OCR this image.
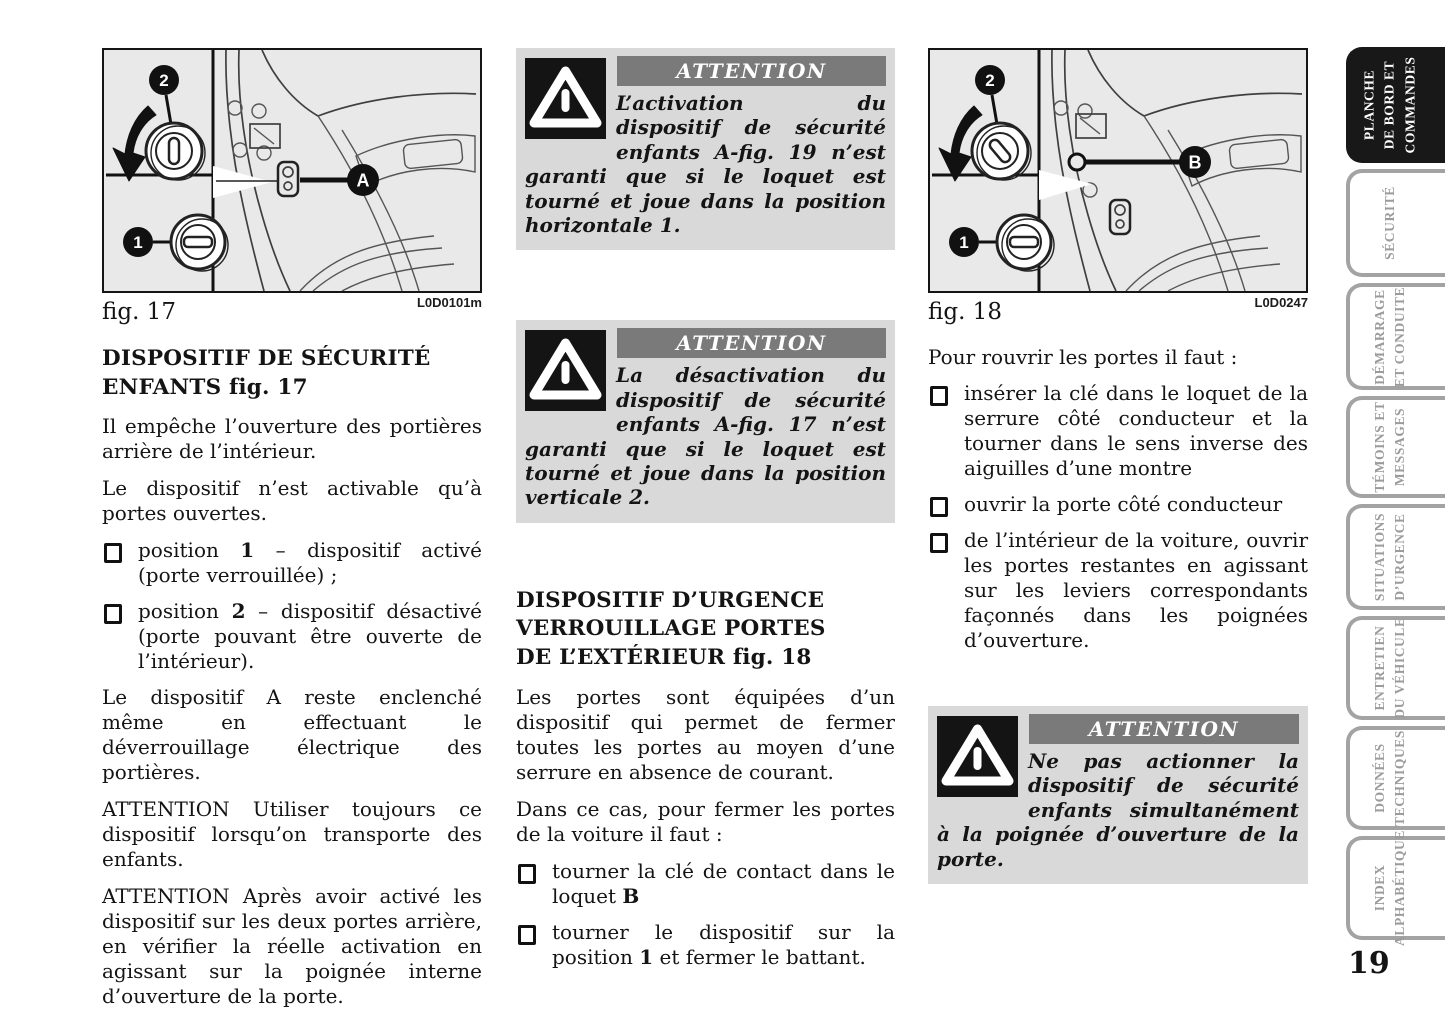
A
2
1
fig. 17	L0D0101m
DISPOSITIF DE SÉCURITÉ
ENFANTS fig. 17

Il empêche l’ouverture des portières arrière de l’intérieur.

Le dispositif n’est activable qu’à portes ouvertes.

position 1 – dispositif activé (porte verrouillée) ;
position 2 – dispositif désactivé (porte pouvant être ouverte de l’intérieur).

Le dispositif A reste enclenché même en effectuant le déverrouillage électrique des portières.

ATTENTION Utiliser toujours ce dispositif lorsqu’on transporte des enfants.

ATTENTION Après avoir activé les dispositif sur les deux portes arrière, en vérifier la réelle activation en agissant sur la poignée interne d’ouverture de la porte.

ATTENTION
L’activation du dispositif de sécurité enfants A-fig. 19 n’est garanti que si le loquet est tourné et joue dans la position horizontale 1.
ATTENTION
La désactivation du dispositif de sécurité enfants A-fig. 17 n’est garanti que si le loquet est tourné et joue dans la position verticale 2.
DISPOSITIF D’URGENCE
VERROUILLAGE PORTES
DE L’EXTÉRIEUR fig. 18

Les portes sont équipées d’un dispositif qui permet de fermer toutes les portes au moyen d’une serrure en absence de courant.

Dans ce cas, pour fermer les portes de la voiture il faut :

tourner la clé de contact dans le loquet B
tourner le dispositif sur la position 1 et fermer le battant.
B
2
1
fig. 18	L0D0247

Pour rouvrir les portes il faut :

insérer la clé dans le loquet de la serrure côté conducteur et la tourner dans le sens inverse des aiguilles d’une montre
ouvrir la porte côté conducteur
de l’intérieur de la voiture, ouvrir les portes restantes en agissant sur les leviers correspondants façonnés dans les poignées d’ouverture.
ATTENTION
Ne pas actionner la dispositif de sécurité enfants simultanément à la poignée d’ouverture de la porte.
PLANCHE DE BORD ET COMMANDES
SÉCURITÉ
DÉMARRAGE ET CONDUITE
TÉMOINS ET MESSAGES
SITUATIONS D’URGENCE
ENTRETIEN DU VÉHICULE
DONNÉES TECHNIQUES
INDEX ALPHABÉTIQUE
19
